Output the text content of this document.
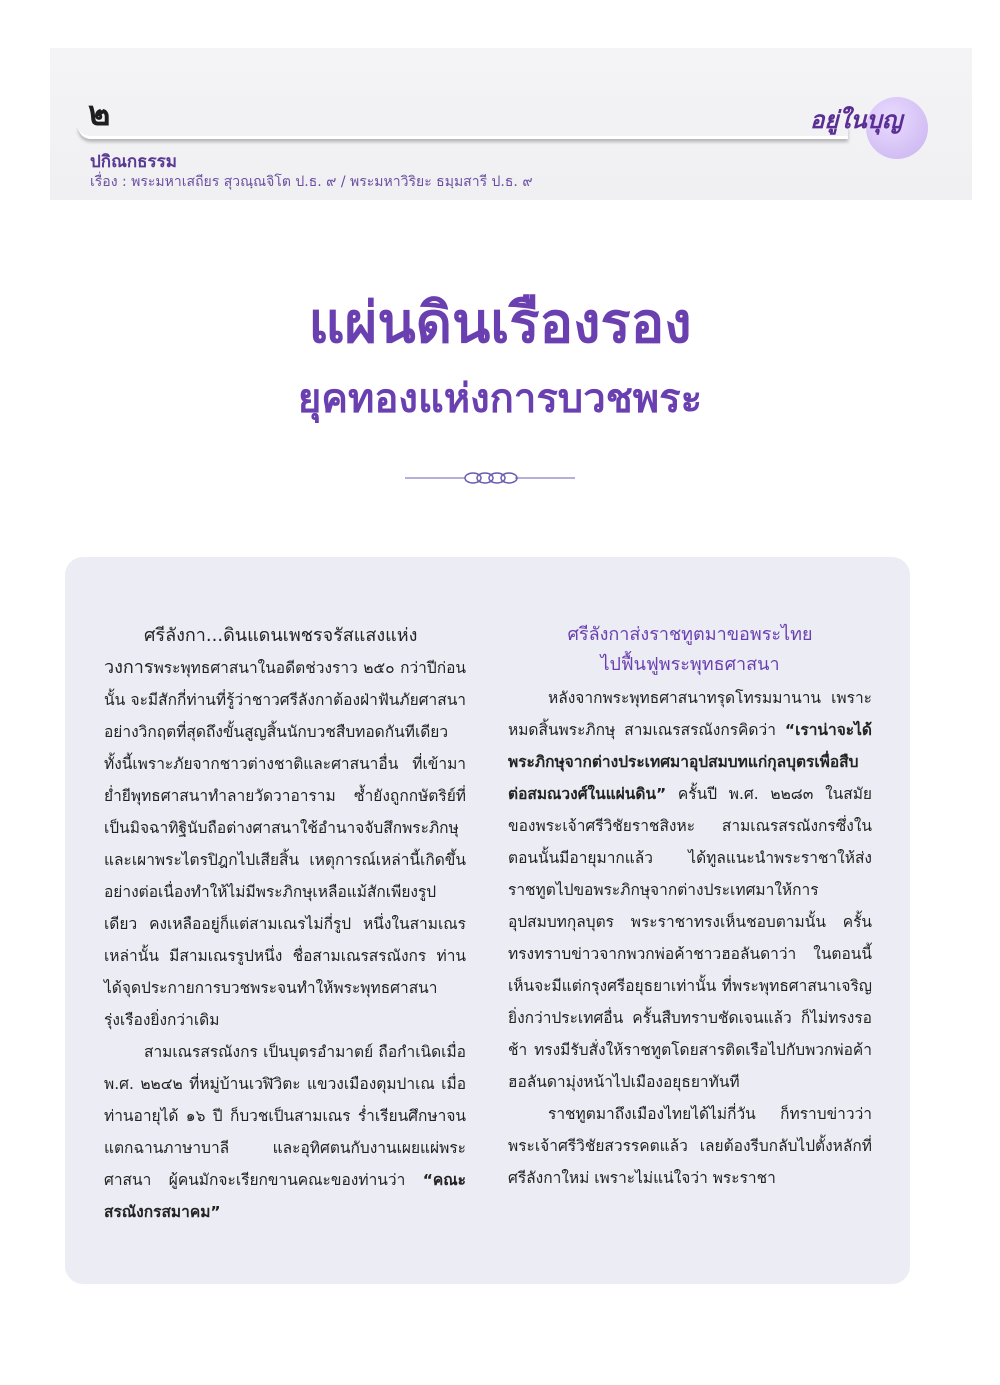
๒	อยู่ในบุญ
ปกิณกธรรม
เรื่อง : พระมหาเสถียร สุวณฺณจิโต ป.ธ. ๙ / พระมหาวิริยะ ธมฺมสารี ป.ธ. ๙
แผ่นดินเรืองรอง
ยุคทองแห่งการบวชพระ

ศรีลังกา...ดินแดนเพชรจรัสแสงแห่งวงการพระพุทธศาสนาในอดีตช่วงราว ๒๕๐ กว่าปีก่อนนั้น จะมีสักกี่ท่านที่รู้ว่าชาวศรีลังกาต้องฝ่าฟันภัยศาสนาอย่างวิกฤตที่สุดถึงขั้นสูญสิ้นนักบวชสืบทอดกันทีเดียว ทั้งนี้เพราะภัยจากชาวต่างชาติและศาสนาอื่น ที่เข้ามาย่ำยีพุทธศาสนาทำลายวัดวาอาราม ซ้ำยังถูกกษัตริย์ที่เป็นมิจฉาทิฐินับถือต่างศาสนาใช้อำนาจจับสึกพระภิกษุและเผาพระไตรปิฎกไปเสียสิ้น เหตุการณ์เหล่านี้เกิดขึ้นอย่างต่อเนื่องทำให้ไม่มีพระภิกษุเหลือแม้สักเพียงรูปเดียว คงเหลืออยู่ก็แต่สามเณรไม่กี่รูป หนึ่งในสามเณรเหล่านั้น มีสามเณรรูปหนึ่ง ชื่อสามเณรสรณังกร ท่านได้จุดประกายการบวชพระจนทำให้พระพุทธศาสนารุ่งเรืองยิ่งกว่าเดิม

สามเณรสรณังกร เป็นบุตรอำมาตย์ ถือกำเนิดเมื่อพ.ศ. ๒๒๔๒ ที่หมู่บ้านเวฬิวิตะ แขวงเมืองตุมปาเณ เมื่อท่านอายุได้ ๑๖ ปี ก็บวชเป็นสามเณร ร่ำเรียนศึกษาจนแตกฉานภาษาบาลี และอุทิศตนกับงานเผยแผ่พระศาสนา ผู้คนมักจะเรียกขานคณะของท่านว่า “คณะสรณังกรสมาคม”

ศรีลังกาส่งราชทูตมาขอพระไทย
ไปฟื้นฟูพระพุทธศาสนา

หลังจากพระพุทธศาสนาทรุดโทรมมานาน เพราะหมดสิ้นพระภิกษุ สามเณรสรณังกรคิดว่า “เราน่าจะได้พระภิกษุจากต่างประเทศมาอุปสมบทแก่กุลบุตรเพื่อสืบต่อสมณวงศ์ในแผ่นดิน” ครั้นปี พ.ศ. ๒๒๘๓ ในสมัยของพระเจ้าศรีวิชัยราชสิงหะ สามเณรสรณังกรซึ่งในตอนนั้นมีอายุมากแล้ว ได้ทูลแนะนำพระราชาให้ส่งราชทูตไปขอพระภิกษุจากต่างประเทศมาให้การอุปสมบทกุลบุตร พระราชาทรงเห็นชอบตามนั้น ครั้นทรงทราบข่าวจากพวกพ่อค้าชาวฮอลันดาว่า ในตอนนี้ เห็นจะมีแต่กรุงศรีอยุธยาเท่านั้น ที่พระพุทธศาสนาเจริญยิ่งกว่าประเทศอื่น ครั้นสืบทราบชัดเจนแล้ว ก็ไม่ทรงรอช้า ทรงมีรับสั่งให้ราชทูตโดยสารติดเรือไปกับพวกพ่อค้าฮอลันดามุ่งหน้าไปเมืองอยุธยาทันที

ราชทูตมาถึงเมืองไทยได้ไม่กี่วัน ก็ทราบข่าวว่าพระเจ้าศรีวิชัยสวรรคตแล้ว เลยต้องรีบกลับไปตั้งหลักที่ศรีลังกาใหม่ เพราะไม่แน่ใจว่า พระราชา
